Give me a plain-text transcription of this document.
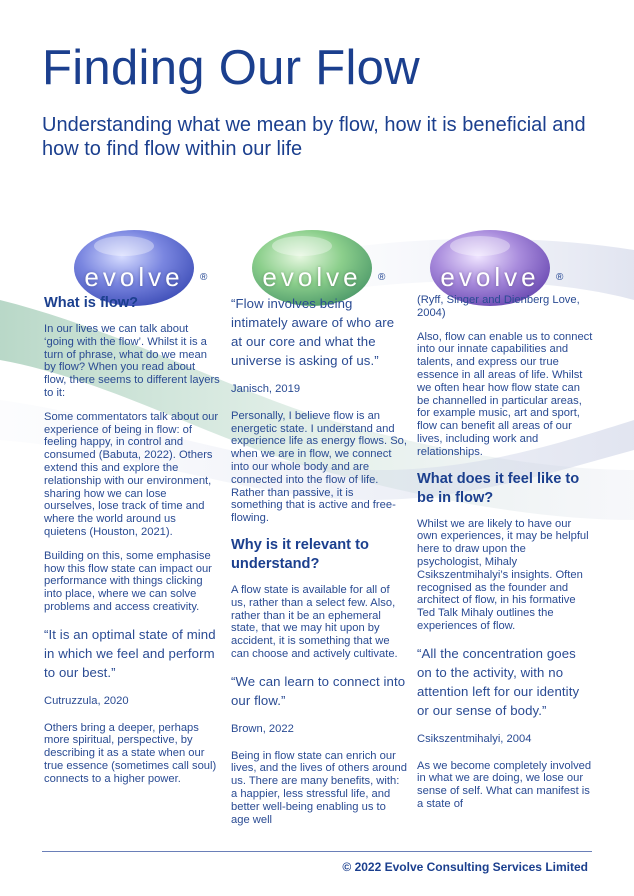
Finding Our Flow
Understanding what we mean by flow, how it is beneficial and how to find flow within our life
evolve	®	evolve	®	evolve	®
What is flow?

In our lives we can talk about ‘going with the flow’. Whilst it is a turn of phrase, what do we mean by flow? When you read about flow, there seems to different layers to it:

Some commentators talk about our experience of being in flow: of feeling happy, in control and consumed (Babuta, 2022). Others extend this and explore the relationship with our environment, sharing how we can lose ourselves, lose track of time and where the world around us quietens (Houston, 2021).

Building on this, some emphasise how this flow state can impact our performance with things clicking into place, where we can solve problems and access creativity.

“It is an optimal state of mind in which we feel and perform to our best.”

Cutruzzula, 2020

Others bring a deeper, perhaps more spiritual, perspective, by describing it as a state when our true essence (sometimes call soul) connects to a higher power.

“Flow involves being intimately aware of who are at our core and what the universe is asking of us.”

Janisch, 2019

Personally, I believe flow is an energetic state. I understand and experience life as energy flows. So, when we are in flow, we connect into our whole body and are connected into the flow of life. Rather than passive, it is something that is active and free-flowing.

Why is it relevant to understand?

A flow state is available for all of us, rather than a select few. Also, rather than it be an ephemeral state, that we may hit upon by accident, it is something that we can choose and actively cultivate.

“We can learn to connect into our flow.”

Brown, 2022

Being in flow state can enrich our lives, and the lives of others around us. There are many benefits, with: a happier, less stressful life, and better well-being enabling us to age well

(Ryff, Singer and Dienberg Love, 2004)

Also, flow can enable us to connect into our innate capabilities and talents, and express our true essence in all areas of life. Whilst we often hear how flow state can be channelled in particular areas, for example music, art and sport, flow can benefit all areas of our lives, including work and relationships.

What does it feel like to be in flow?

Whilst we are likely to have our own experiences, it may be helpful here to draw upon the psychologist, Mihaly Csikszentmihalyi’s insights. Often recognised as the founder and architect of flow, in his formative Ted Talk Mihaly outlines the experiences of flow.

“All the concentration goes on to the activity, with no attention left for our identity or our sense of body.”

Csikszentmihalyi, 2004

As we become completely involved in what we are doing, we lose our sense of self. What can manifest is a state of

© 2022 Evolve Consulting Services Limited
